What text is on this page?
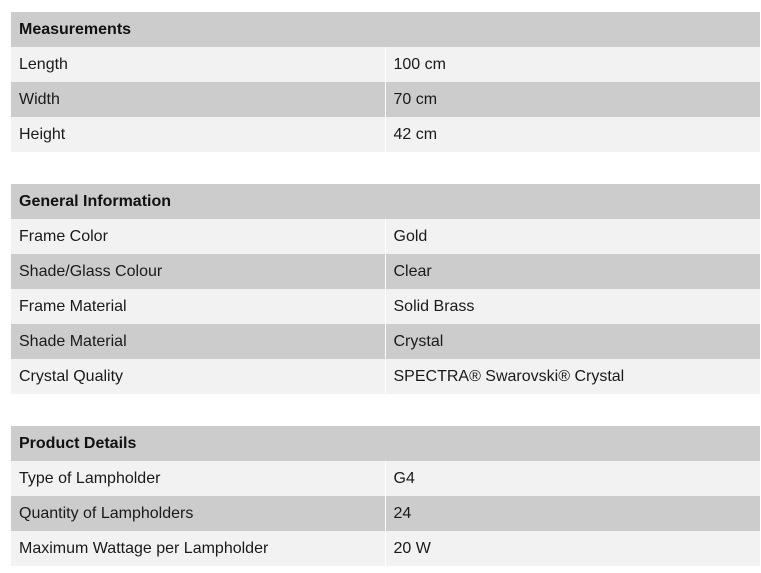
Measurements	
Length	100 cm
Width	70 cm
Height	42 cm
General Information	
Frame Color	Gold
Shade/Glass Colour	Clear
Frame Material	Solid Brass
Shade Material	Crystal
Crystal Quality	SPECTRA® Swarovski® Crystal
Product Details	
Type of Lampholder	G4
Quantity of Lampholders	24
Maximum Wattage per Lampholder	20 W
